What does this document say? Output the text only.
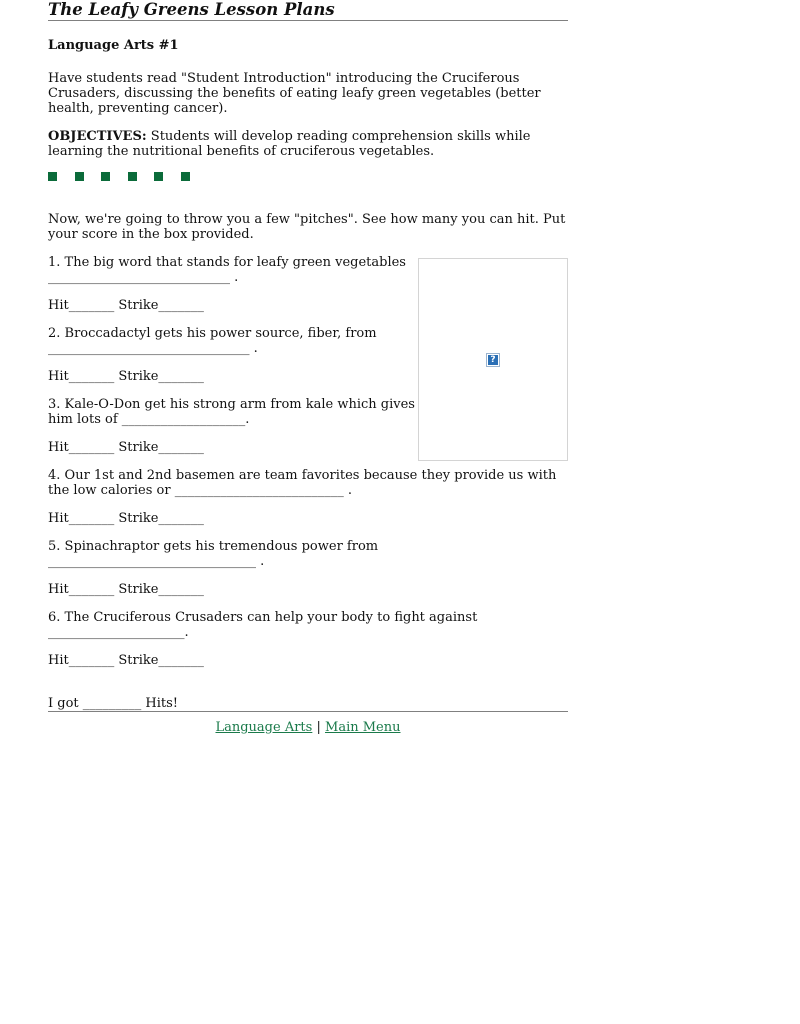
The Leafy Greens Lesson Plans
Language Arts #1

Have students read "Student Introduction" introducing the Cruciferous Crusaders, discussing the benefits of eating leafy green vegetables (better health, preventing cancer).

OBJECTIVES: Students will develop reading comprehension skills while learning the nutritional benefits of cruciferous vegetables.

Now, we're going to throw you a few "pitches". See how many you can hit. Put your score in the box provided.

?

1. The big word that stands for leafy green vegetables ____________________________ .

Hit_______ Strike_______

2. Broccadactyl gets his power source, fiber, from _______________________________ .

Hit_______ Strike_______

3. Kale-O-Don get his strong arm from kale which gives him lots of ___________________.

Hit_______ Strike_______

4. Our 1st and 2nd basemen are team favorites because they provide us with the low calories or __________________________ .

Hit_______ Strike_______

5. Spinachraptor gets his tremendous power from ________________________________ .

Hit_______ Strike_______

6. The Cruciferous Crusaders can help your body to fight against _____________________.

Hit_______ Strike_______

I got _________ Hits!

Language Arts | Main Menu
